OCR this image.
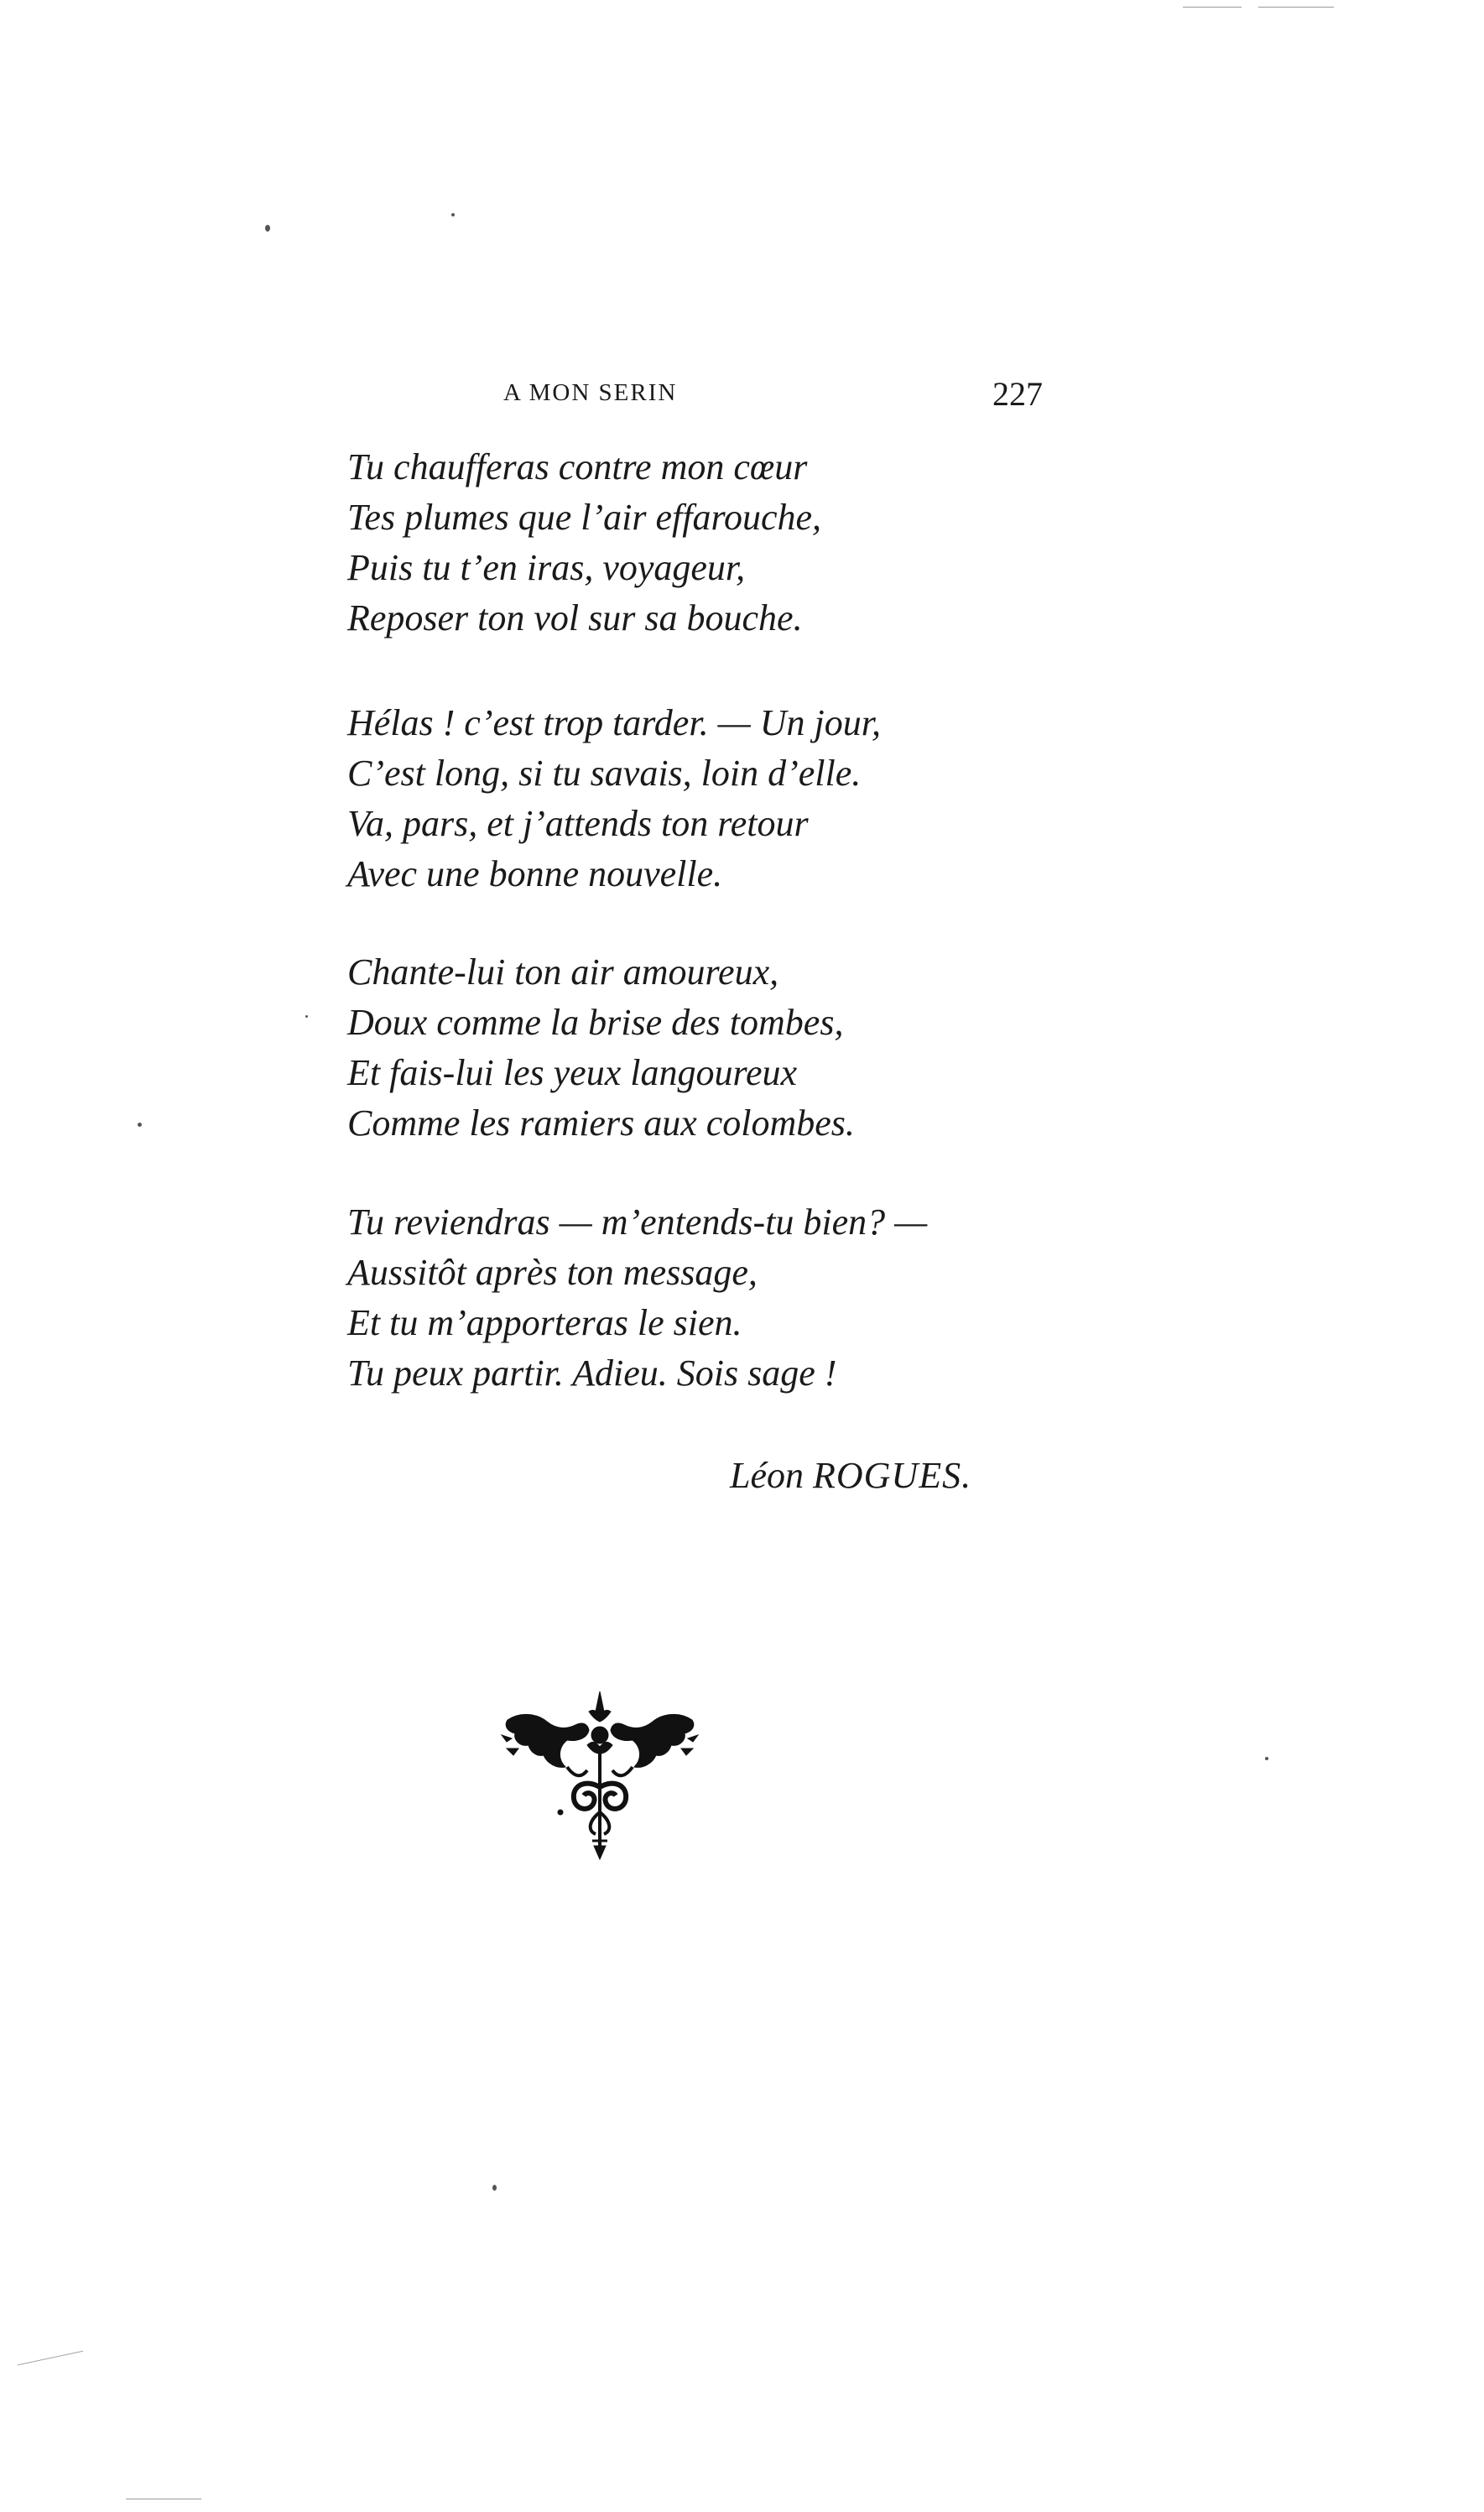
A MON SERIN	227
Tu chaufferas contre mon cœur
Tes plumes que l’air effarouche,
Puis tu t’en iras, voyageur,
Reposer ton vol sur sa bouche.
Hélas ! c’est trop tarder. — Un jour,
C’est long, si tu savais, loin d’elle.
Va, pars, et j’attends ton retour
Avec une bonne nouvelle.
Chante-lui ton air amoureux,
Doux comme la brise des tombes,
Et fais-lui les yeux langoureux
Comme les ramiers aux colombes.
Tu reviendras — m’entends-tu bien? —
Aussitôt après ton message,
Et tu m’apporteras le sien.
Tu peux partir. Adieu. Sois sage !
Léon ROGUES.
